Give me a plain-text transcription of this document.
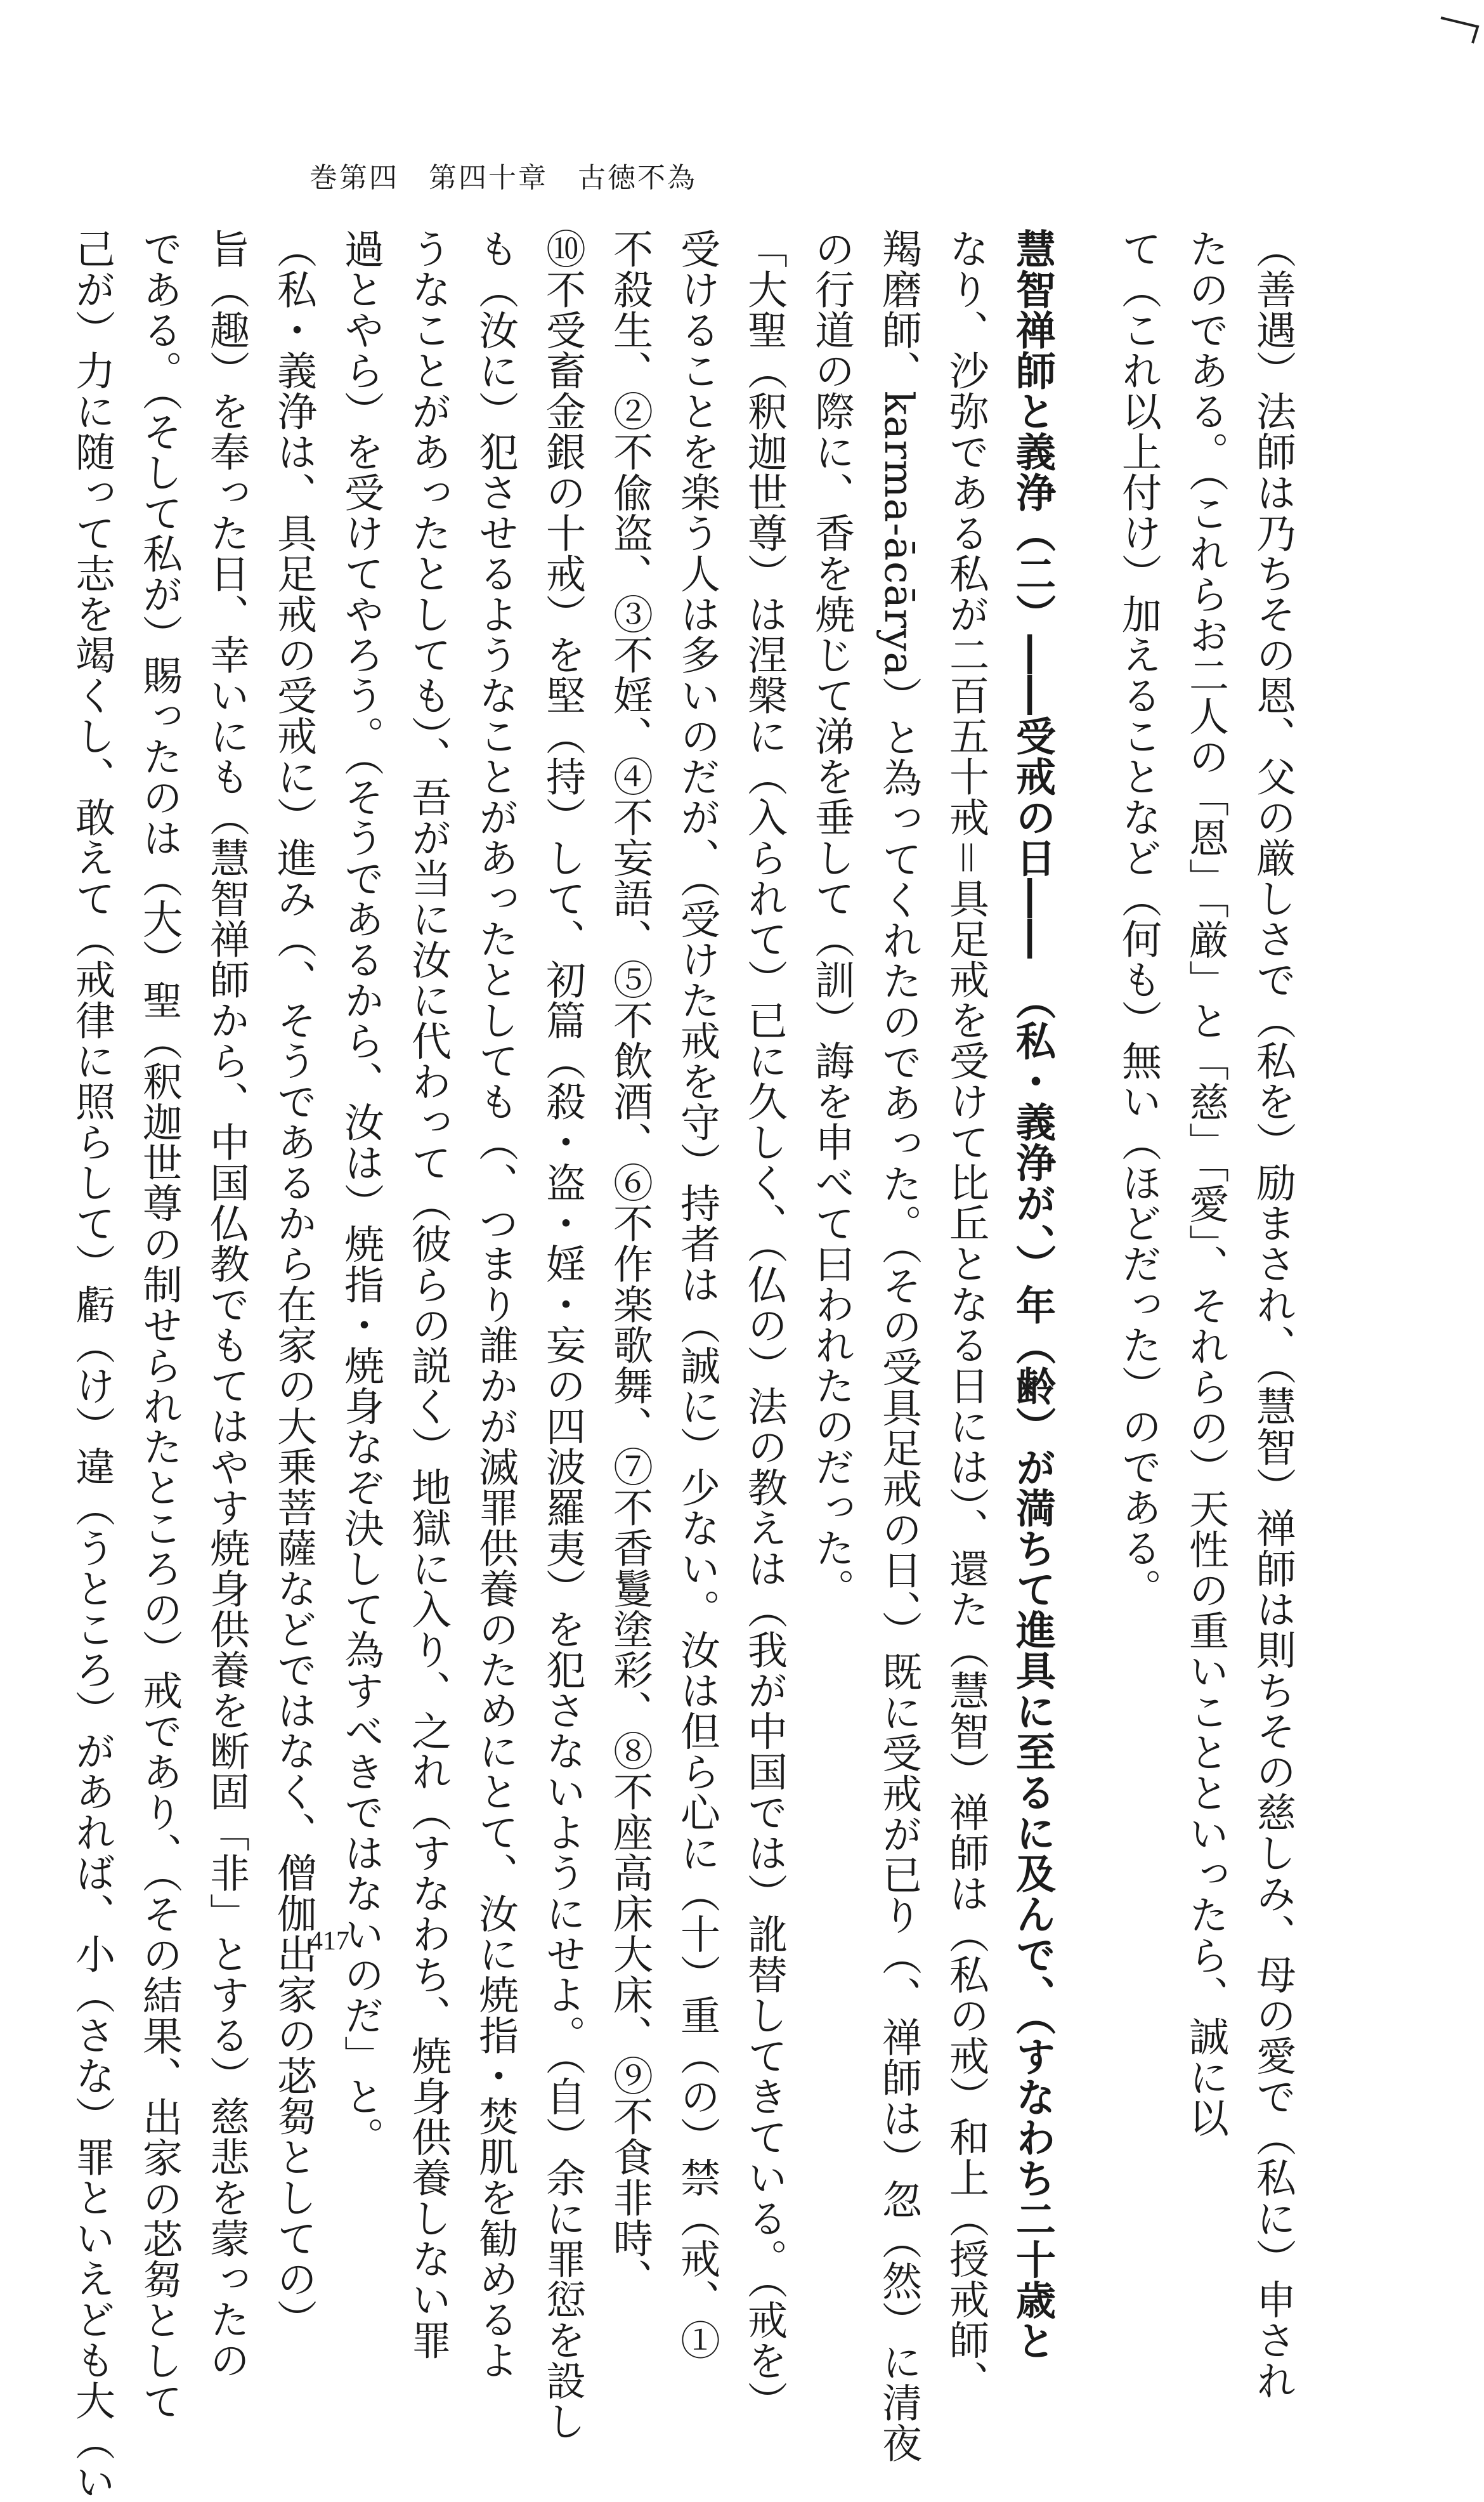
巻第四　第四十章　古徳不為
（善遇）法師は乃ちその恩、父の厳しさで（私を）励まされ、（慧智）禅師は則ちその慈しみ、母の愛で（私に）申され
たのである。（これらお二人の「恩」「厳」と「慈」「愛」、それらの）天性の重いことといったら、誠に以
て（これ以上付け）加えることなど（何も）無い（ほどだった）のである。
慧智禅師と義浄（二）――受戒の日――　（私・義浄が、）年（齢）が満ちて進具に至るに及んで、（すなわち二十歳と
なり、沙弥である私が二百五十戒＝具足戒を受けて比丘となる日には）、還た（慧智）禅師は（私の戒）和上（授戒師、
羯磨師、karma-ācārya）と為ってくれたのであった。（その受具足戒の日、）既に受戒が已り（、禅師は）忽（然）に清夜
の行道の際に、香を焼じて涕を垂して（訓）誨を申べて曰われたのだった。
「大聖（釈迦世尊）は涅槃に（入られて）已に久しく、（仏の）法の教えは（我が中国では）訛替してきている。（戒を）
受けることを楽う人は多いのだが、（受けた戒を守）持者は（誠に）少ない。汝は但ら心に（十）重（の）禁（戒、①
不殺生、②不偸盗、③不婬、④不妄語、⑤不飲酒、⑥不作楽歌舞、⑦不香鬘塗彩、⑧不座高床大床、⑨不食非時、
⑩不受畜金銀の十戒）を堅（持）して、初篇（殺・盗・婬・妄の四波羅夷）を犯さないようにせよ。（自）余に罪愆を設し
も（汝に）犯させるようなことがあったとしても（、つまり誰かが滅罪供養のためにとて、汝に焼指・焚肌を勧めるよ
うなことがあったとしても）、吾が当に汝に代わって（彼らの説く）地獄に入り、之れ（すなわち、焼身供養しない罪
過とやら）を受けてやろう。（そうであるから、汝は）焼指・焼身なぞ決して為すべきではないのだ」と。
（私・義浄は、具足戒の受戒に）進み（、そうであるから在家の大乗菩薩などではなく、僧伽出家の苾芻としての）
旨（趣）を奉った日、幸いにも（慧智禅師から、中国仏教でもてはやす焼身供養を断固「非」とする）慈悲を蒙ったの
である。（そして私が）賜ったのは（大）聖（釈迦世尊の制せられたところの）戒であり、（その結果、出家の苾芻として
己が）力に随って志を竭くし、敢えて（戒律に照らして）虧（け）違（うところ）があれば、小（さな）罪といえども大（い	417
